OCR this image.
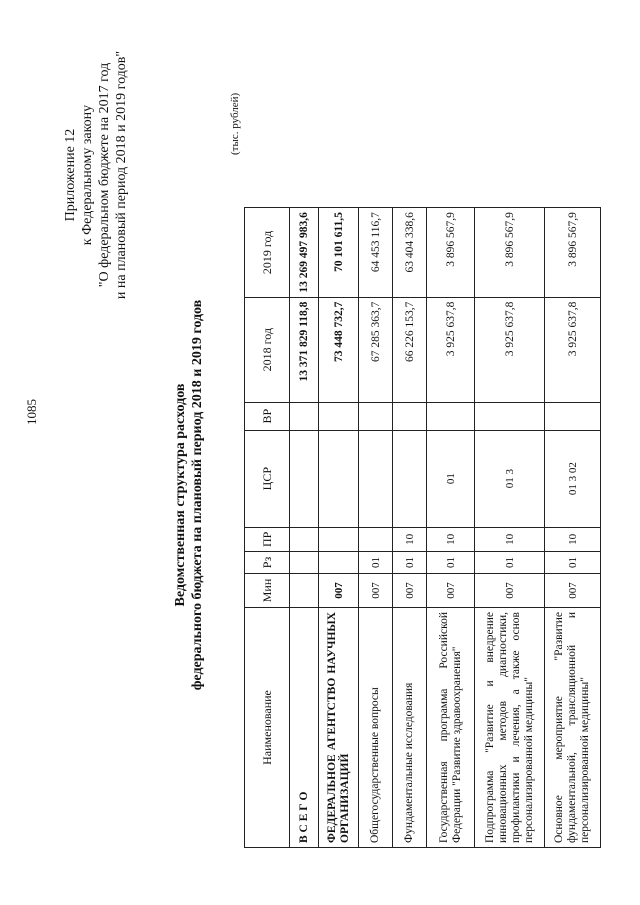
1085
Приложение 12 к Федеральному закону "О федеральном бюджете на 2017 год и на плановый период 2018 и 2019 годов"
Ведомственная структура расходов федерального бюджета на плановый период 2018 и 2019 годов
(тыс. рублей)
Наименование	Мин	Рз	ПР	ЦСР	ВР	2018 год	2019 год
В С Е Г О						13 371 829 118,8	13 269 497 983,6
ФЕДЕРАЛЬНОЕ АГЕНТСТВО НАУЧНЫХ ОРГАНИЗАЦИЙ	007					73 448 732,7	70 101 611,5
Общегосударственные вопросы	007	01				67 285 363,7	64 453 116,7
Фундаментальные исследования	007	01	10			66 226 153,7	63 404 338,6
Государственная программа Российской Федерации "Развитие здравоохранения"	007	01	10	01		3 925 637,8	3 896 567,9
Подпрограмма "Развитие и внедрение инновационных методов диагностики, профилактики и лечения, а также основ персонализированной медицины"	007	01	10	01 3		3 925 637,8	3 896 567,9
Основное мероприятие "Развитие фундаментальной, трансляционной и персонализированной медицины"	007	01	10	01 3 02		3 925 637,8	3 896 567,9
